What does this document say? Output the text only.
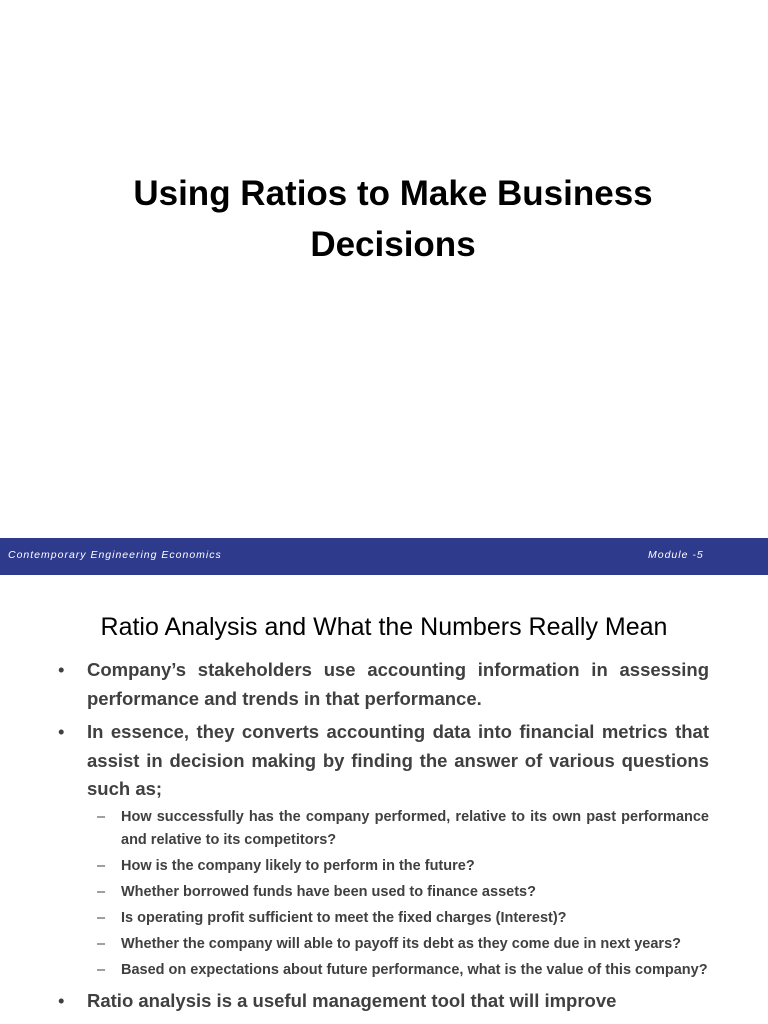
Using Ratios to Make Business
Decisions
Contemporary Engineering Economics	Module -5
Ratio Analysis and What the Numbers Really Mean
• Company’s stakeholders use accounting information in assessing performance and trends in that performance.
• In essence, they converts accounting data into financial metrics that assist in decision making by finding the answer of various questions such as;
– How successfully has the company performed, relative to its own past performance and relative to its competitors?
– How is the company likely to perform in the future?
– Whether borrowed funds have been used to finance assets?
– Is operating profit sufficient to meet the fixed charges (Interest)?
– Whether the company will able to payoff its debt as they come due in next years?
– Based on expectations about future performance, what is the value of this company?
• Ratio analysis is a useful management tool that will improve
